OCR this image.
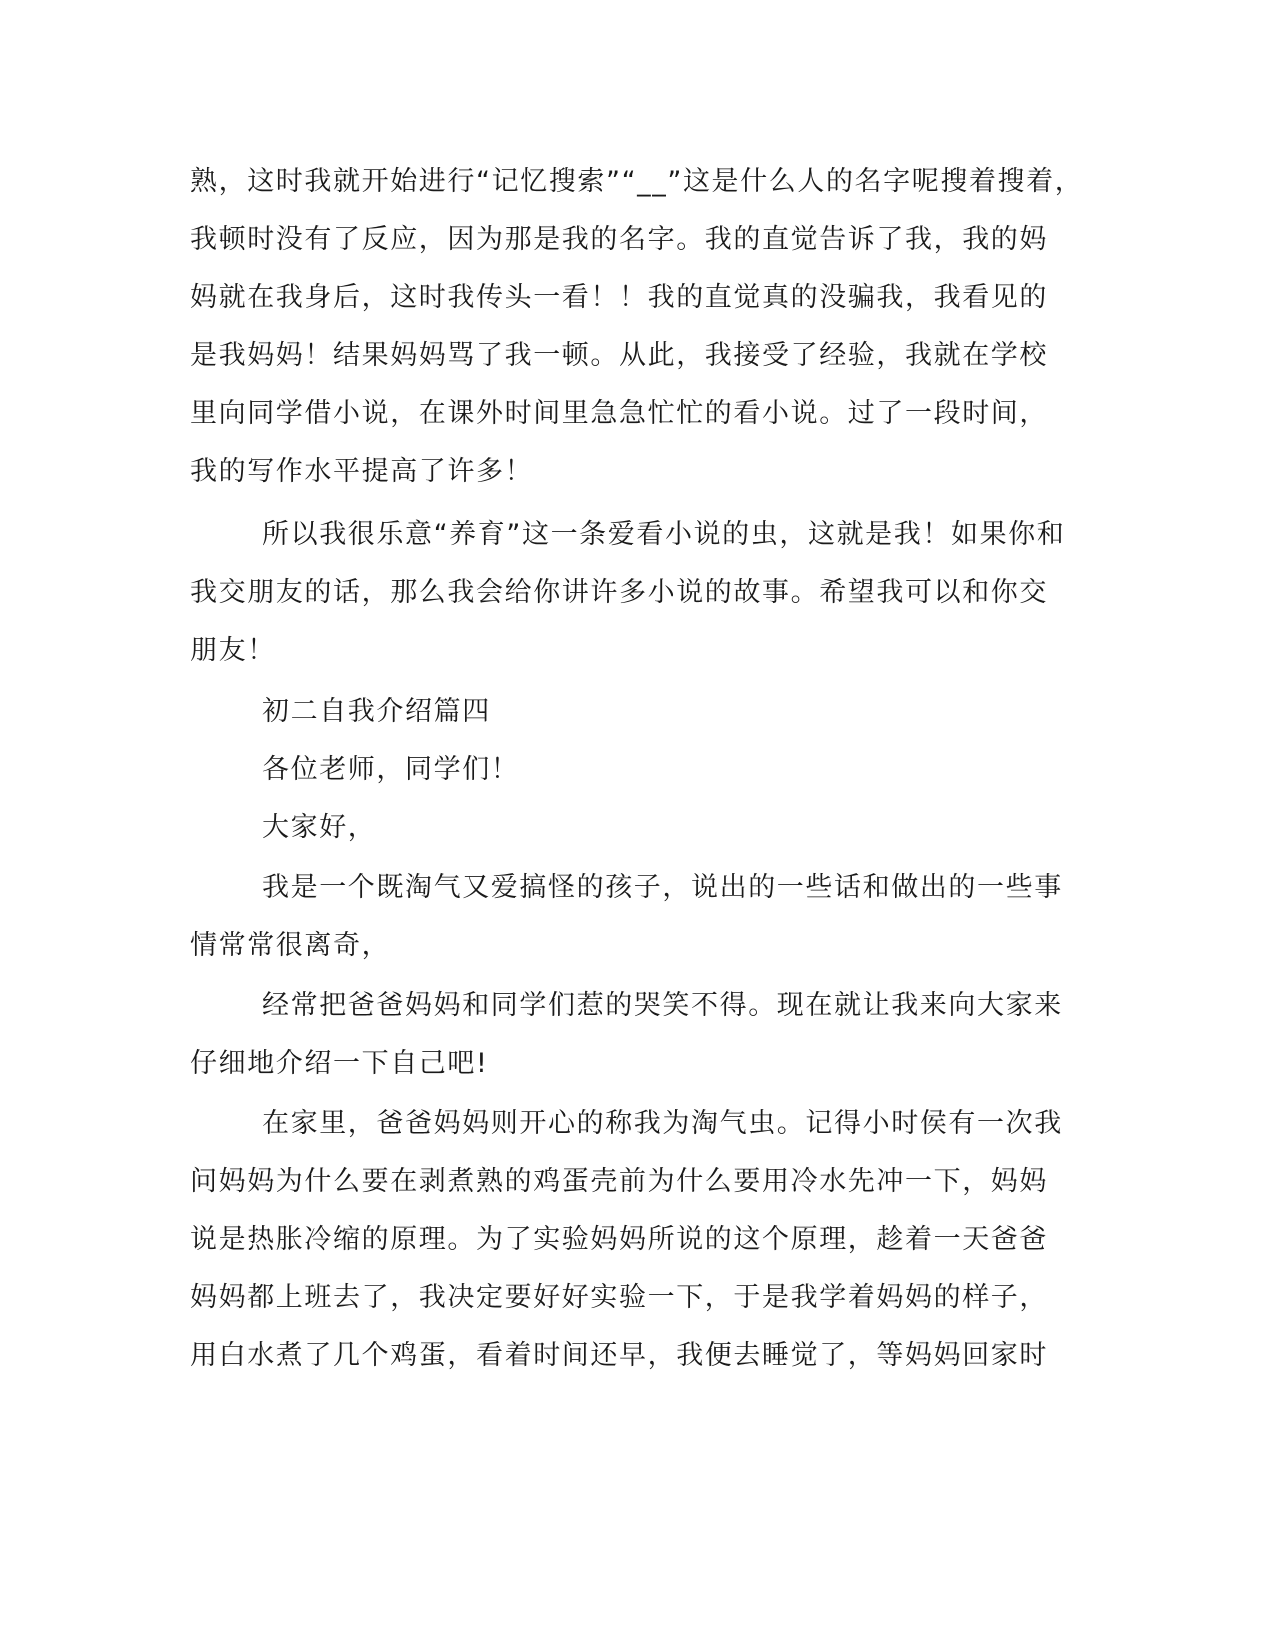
熟，这时我就开始进行“记忆搜索”“__”这是什么人的名字呢搜着搜着，
我顿时没有了反应，因为那是我的名字。我的直觉告诉了我，我的妈
妈就在我身后，这时我传头一看！！我的直觉真的没骗我，我看见的
是我妈妈！结果妈妈骂了我一顿。从此，我接受了经验，我就在学校
里向同学借小说，在课外时间里急急忙忙的看小说。过了一段时间，
我的写作水平提高了许多！
所以我很乐意“养育”这一条爱看小说的虫，这就是我！如果你和
我交朋友的话，那么我会给你讲许多小说的故事。希望我可以和你交
朋友！
初二自我介绍篇四
各位老师，同学们！
大家好，
我是一个既淘气又爱搞怪的孩子，说出的一些话和做出的一些事
情常常很离奇，
经常把爸爸妈妈和同学们惹的哭笑不得。现在就让我来向大家来
仔细地介绍一下自己吧!
在家里，爸爸妈妈则开心的称我为淘气虫。记得小时侯有一次我
问妈妈为什么要在剥煮熟的鸡蛋壳前为什么要用冷水先冲一下，妈妈
说是热胀冷缩的原理。为了实验妈妈所说的这个原理，趁着一天爸爸
妈妈都上班去了，我决定要好好实验一下，于是我学着妈妈的样子，
用白水煮了几个鸡蛋，看着时间还早，我便去睡觉了，等妈妈回家时
